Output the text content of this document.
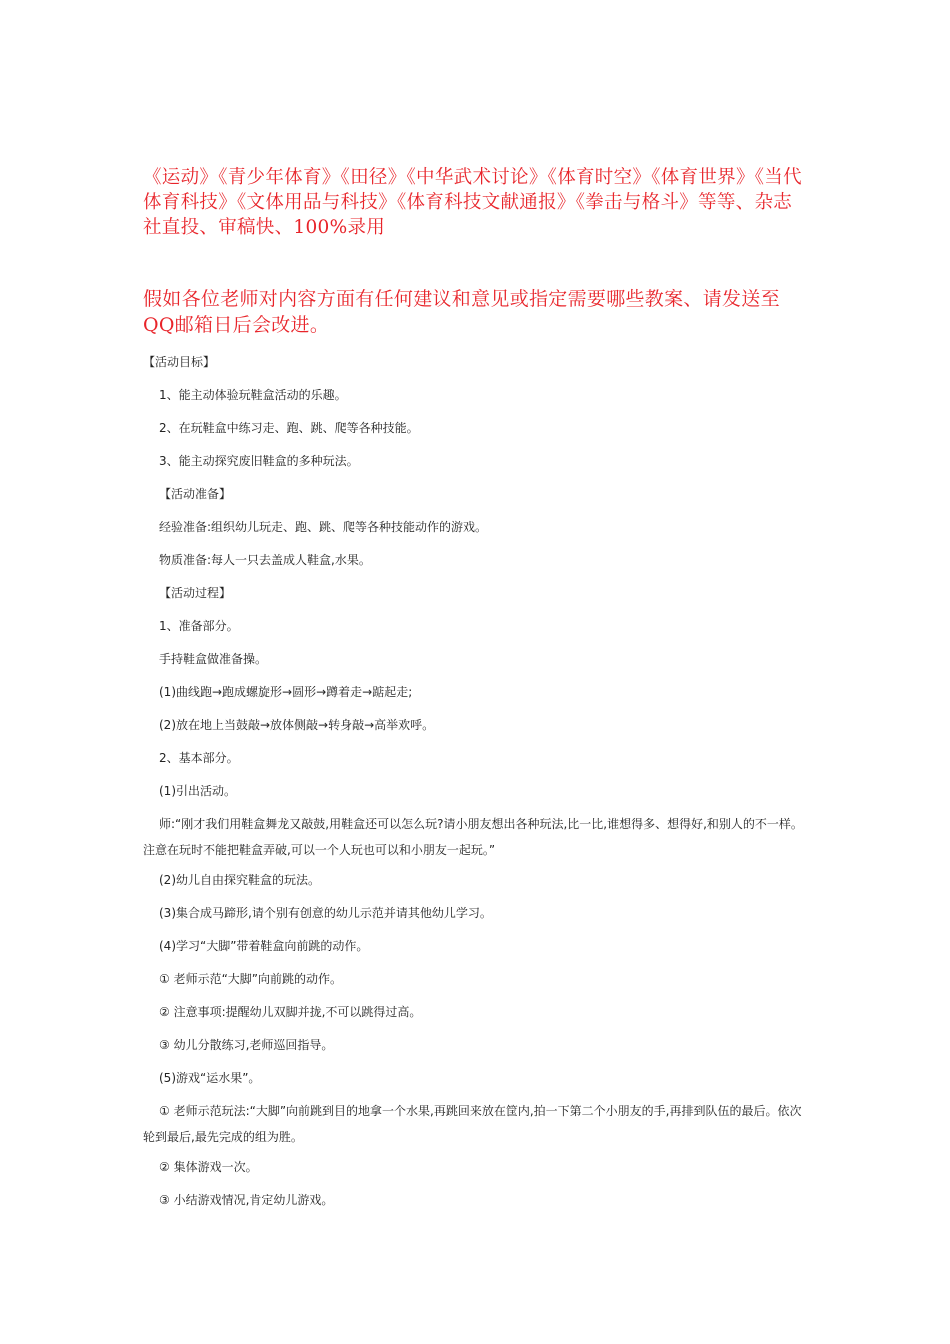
《运动》《青少年体育》《田径》《中华武术讨论》《体育时空》《体育世界》《当代体育科技》《文体用品与科技》《体育科技文献通报》《拳击与格斗》等等、杂志社直投、审稿快、100%录用

假如各位老师对内容方面有任何建议和意见或指定需要哪些教案、请发送至QQ邮箱日后会改进。

【活动目标】

1、能主动体验玩鞋盒活动的乐趣。

2、在玩鞋盒中练习走、跑、跳、爬等各种技能。

3、能主动探究废旧鞋盒的多种玩法。

【活动准备】

经验准备:组织幼儿玩走、跑、跳、爬等各种技能动作的游戏。

物质准备:每人一只去盖成人鞋盒,水果。

【活动过程】

1、准备部分。

手持鞋盒做准备操。

(1)曲线跑→跑成螺旋形→圆形→蹲着走→踮起走;

(2)放在地上当鼓敲→放体侧敲→转身敲→高举欢呼。

2、基本部分。

(1)引出活动。

师:“刚才我们用鞋盒舞龙又敲鼓,用鞋盒还可以怎么玩?请小朋友想出各种玩法,比一比,谁想得多、想得好,和别人的不一样。注意在玩时不能把鞋盒弄破,可以一个人玩也可以和小朋友一起玩。”

(2)幼儿自由探究鞋盒的玩法。

(3)集合成马蹄形,请个别有创意的幼儿示范并请其他幼儿学习。

(4)学习“大脚”带着鞋盒向前跳的动作。

① 老师示范“大脚”向前跳的动作。

② 注意事项:提醒幼儿双脚并拢,不可以跳得过高。

③ 幼儿分散练习,老师巡回指导。

(5)游戏“运水果”。

① 老师示范玩法:“大脚”向前跳到目的地拿一个水果,再跳回来放在筐内,拍一下第二个小朋友的手,再排到队伍的最后。依次轮到最后,最先完成的组为胜。

② 集体游戏一次。

③ 小结游戏情况,肯定幼儿游戏。
